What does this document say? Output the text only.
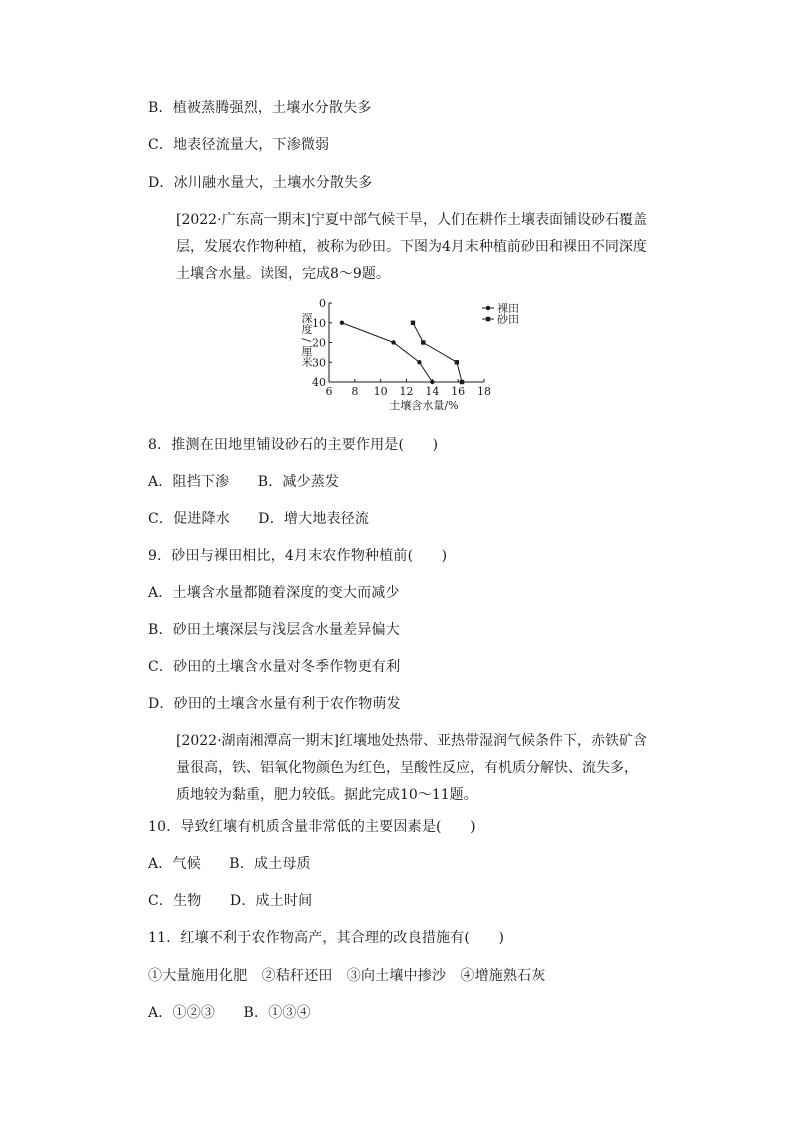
B．植被蒸腾强烈，土壤水分散失多
C．地表径流量大，下渗微弱
D．冰川融水量大，土壤水分散失多
[2022·广东高一期末]宁夏中部气候干旱，人们在耕作土壤表面铺设砂石覆盖层，发展农作物种植，被称为砂田。下图为4月末种植前砂田和裸田不同深度土壤含水量。读图，完成8～9题。
6 8 10 12 14 16 18
0
10
20
30
40
深
度
/
厘
米
土壤含水量/%
裸田
砂田
8．推测在田地里铺设砂石的主要作用是(　　)
A．阻挡下渗　　B．减少蒸发
C．促进降水　　D．增大地表径流
9．砂田与裸田相比，4月末农作物种植前(　　)
A．土壤含水量都随着深度的变大而减少
B．砂田土壤深层与浅层含水量差异偏大
C．砂田的土壤含水量对冬季作物更有利
D．砂田的土壤含水量有利于农作物萌发
[2022·湖南湘潭高一期末]红壤地处热带、亚热带湿润气候条件下，赤铁矿含量很高，铁、铝氧化物颜色为红色，呈酸性反应，有机质分解快、流失多，质地较为黏重，肥力较低。据此完成10～11题。
10．导致红壤有机质含量非常低的主要因素是(　　)
A．气候　　B．成土母质
C．生物　　D．成土时间
11．红壤不利于农作物高产，其合理的改良措施有(　　)
①大量施用化肥　②秸秆还田　③向土壤中掺沙　④增施熟石灰
A．①②③　　B．①③④
